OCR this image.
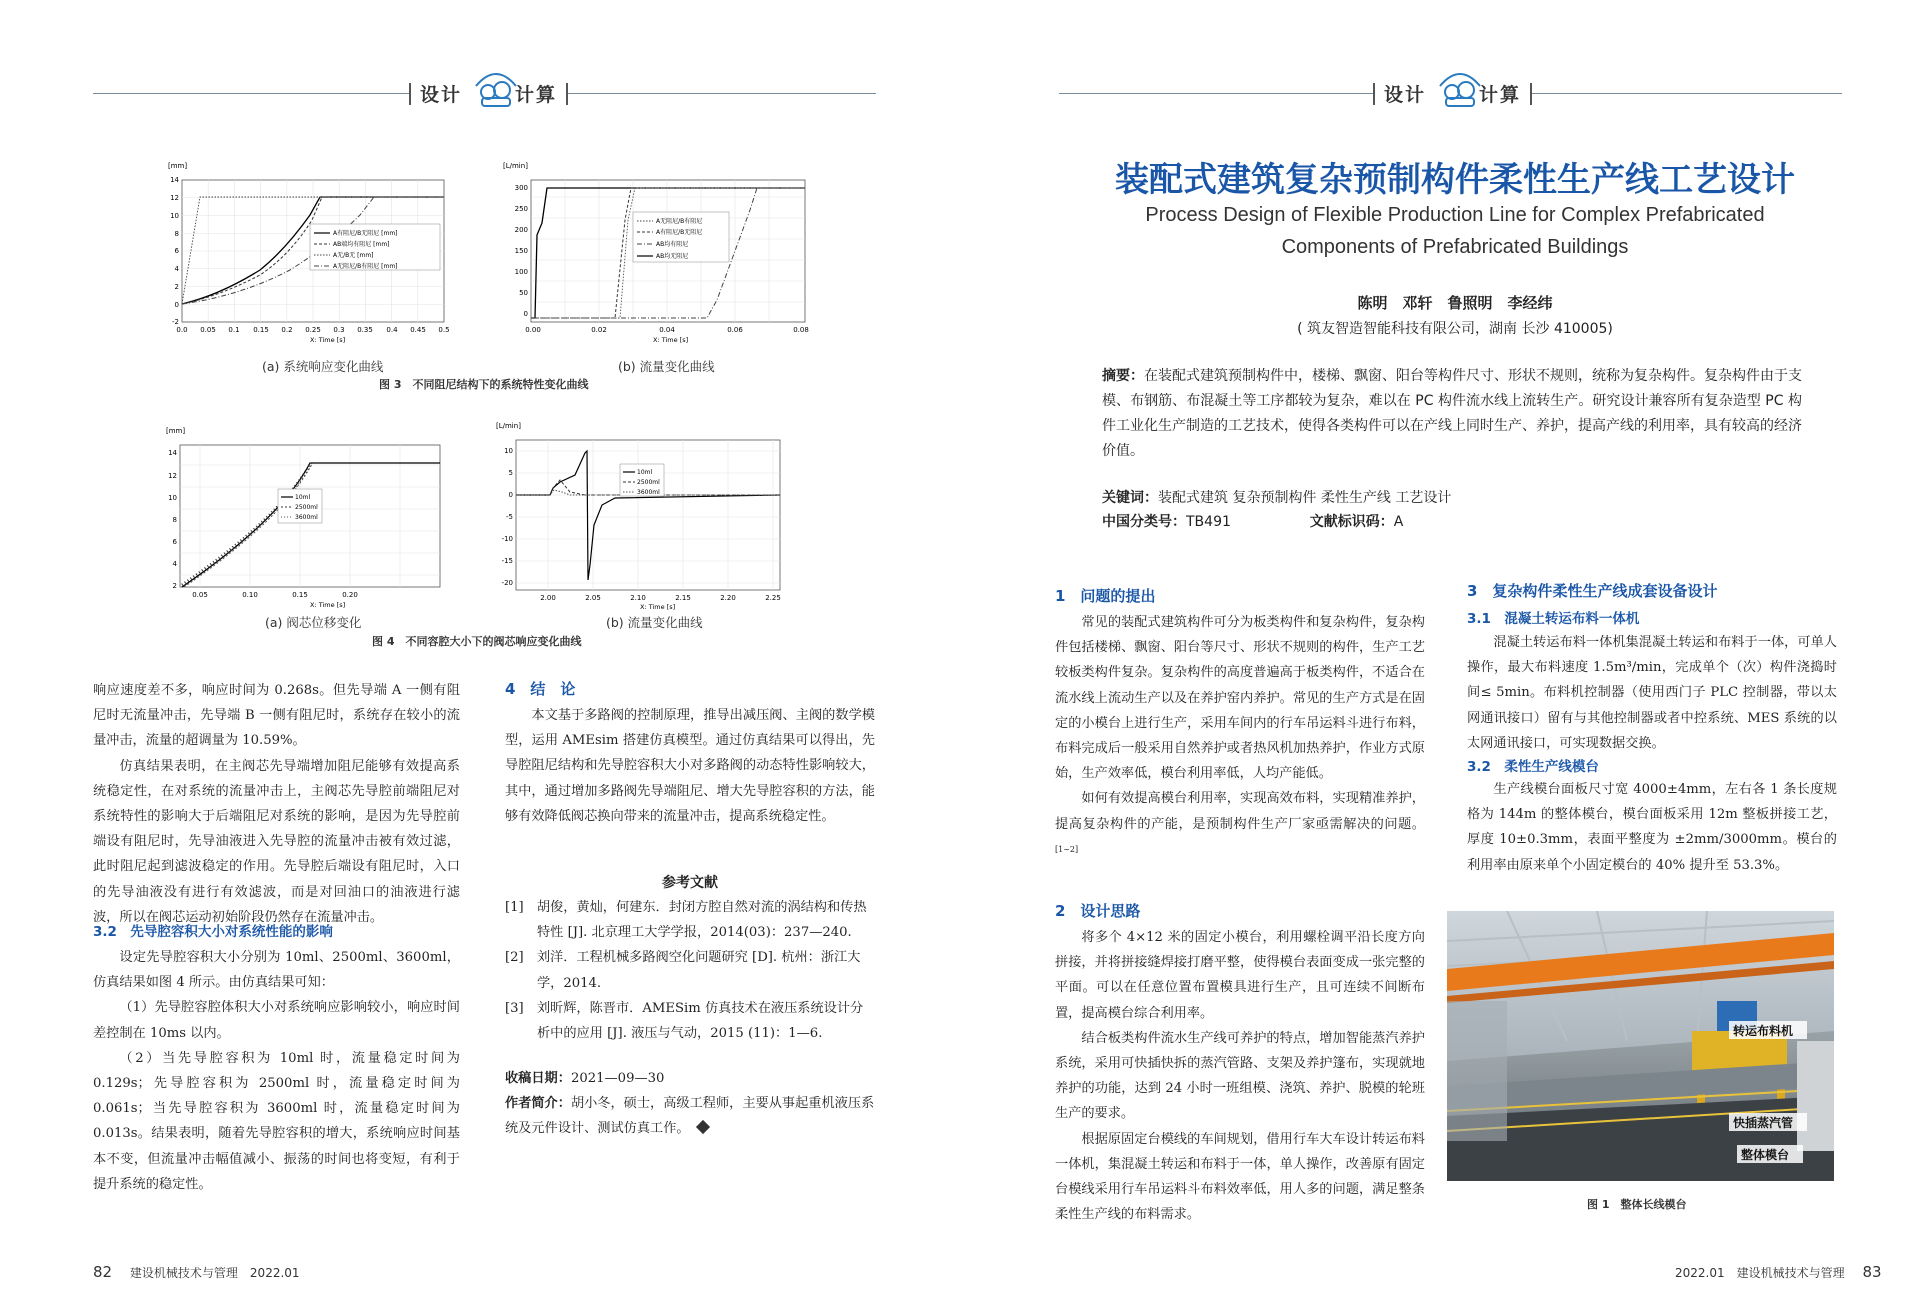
设计	计算	设计	计算
[mm]
14
12
10
8
6
4
2
0
-2
0.0 0.05 0.1 0.15 0.2 0.25 0.3 0.35 0.4 0.45 0.5
X: Time [s]
A有阻尼/B无阻尼 [mm]
AB端均有阻尼 [mm]
A无/B无 [mm]
A无阻尼/B有阻尼 [mm]
(a) 系统响应变化曲线
[L/min]
300
250
200
150
100
50
0
0.00	0.02	0.04	0.06	0.08
X: Time [s]
A无阻尼/B有阻尼
A有阻尼/B无阻尼
AB均有阻尼
AB均无阻尼
(b) 流量变化曲线
图 3　不同阻尼结构下的系统特性变化曲线
[mm]
14
12
10
8
6
4
2
0.05	0.10	0.15	0.20
X: Time [s]
10ml
2500ml
3600ml
(a) 阀芯位移变化
[L/min]
10
5
0
-5
-10
-15
-20
2.00	2.05	2.10	2.15	2.20	2.25
X: Time [s]
10ml
2500ml
3600ml
(b) 流量变化曲线
图 4　不同容腔大小下的阀芯响应变化曲线

响应速度差不多，响应时间为 0.268s。但先导端 A 一侧有阻尼时无流量冲击，先导端 B 一侧有阻尼时，系统存在较小的流量冲击，流量的超调量为 10.59%。

仿真结果表明，在主阀芯先导端增加阻尼能够有效提高系统稳定性，在对系统的流量冲击上，主阀芯先导腔前端阻尼对系统特性的影响大于后端阻尼对系统的影响，是因为先导腔前端设有阻尼时，先导油液进入先导腔的流量冲击被有效过滤，此时阻尼起到滤波稳定的作用。先导腔后端设有阻尼时，入口的先导油液没有进行有效滤波，而是对回油口的油液进行滤波，所以在阀芯运动初始阶段仍然存在流量冲击。

3.2　先导腔容积大小对系统性能的影响

设定先导腔容积大小分别为 10ml、2500ml、3600ml，仿真结果如图 4 所示。由仿真结果可知：

（1）先导腔容腔体积大小对系统响应影响较小，响应时间差控制在 10ms 以内。

（2）当先导腔容积为 10ml 时，流量稳定时间为 0.129s；先导腔容积为 2500ml 时，流量稳定时间为 0.061s；当先导腔容积为 3600ml 时，流量稳定时间为 0.013s。结果表明，随着先导腔容积的增大，系统响应时间基本不变，但流量冲击幅值减小、振荡的时间也将变短，有利于提升系统的稳定性。

4　结　论

本文基于多路阀的控制原理，推导出减压阀、主阀的数学模型，运用 AMEsim 搭建仿真模型。通过仿真结果可以得出，先导腔阻尼结构和先导腔容积大小对多路阀的动态特性影响较大，其中，通过增加多路阀先导端阻尼、增大先导腔容积的方法，能够有效降低阀芯换向带来的流量冲击，提高系统稳定性。

参考文献
[1]　胡俊，黄灿，何建东．封闭方腔自然对流的涡结构和传热特性 [J]. 北京理工大学学报，2014(03)：237—240.
[2]　刘洋．工程机械多路阀空化问题研究 [D]. 杭州：浙江大学，2014.
[3]　刘昕辉，陈晋市．AMESim 仿真技术在液压系统设计分析中的应用 [J]. 液压与气动，2015 (11)：1—6.
收稿日期：2021—09—30
作者简介：胡小冬，硕士，高级工程师，主要从事起重机液压系统及元件设计、测试仿真工作。
装配式建筑复杂预制构件柔性生产线工艺设计
Process Design of Flexible Production Line for Complex Prefabricated
Components of Prefabricated Buildings
陈明　邓轩　鲁照明　李经纬
( 筑友智造智能科技有限公司，湖南 长沙 410005)
摘要：在装配式建筑预制构件中，楼梯、飘窗、阳台等构件尺寸、形状不规则，统称为复杂构件。复杂构件由于支模、布钢筋、布混凝土等工序都较为复杂，难以在 PC 构件流水线上流转生产。研究设计兼容所有复杂造型 PC 构件工业化生产制造的工艺技术，使得各类构件可以在产线上同时生产、养护，提高产线的利用率，具有较高的经济价值。
关键词：装配式建筑 复杂预制构件 柔性生产线 工艺设计
中国分类号：TB491	文献标识码：A
1　问题的提出

常见的装配式建筑构件可分为板类构件和复杂构件，复杂构件包括楼梯、飘窗、阳台等尺寸、形状不规则的构件，生产工艺较板类构件复杂。复杂构件的高度普遍高于板类构件，不适合在流水线上流动生产以及在养护窑内养护。常见的生产方式是在固定的小模台上进行生产，采用车间内的行车吊运料斗进行布料，布料完成后一般采用自然养护或者热风机加热养护，作业方式原始，生产效率低，模台利用率低，人均产能低。

如何有效提高模台利用率，实现高效布料，实现精准养护，提高复杂构件的产能，是预制构件生产厂家亟需解决的问题。[1~2]

2　设计思路

将多个 4×12 米的固定小模台，利用螺栓调平沿长度方向拼接，并将拼接缝焊接打磨平整，使得模台表面变成一张完整的平面。可以在任意位置布置模具进行生产，且可连续不间断布置，提高模台综合利用率。

结合板类构件流水生产线可养护的特点，增加智能蒸汽养护系统，采用可快插快拆的蒸汽管路、支架及养护篷布，实现就地养护的功能，达到 24 小时一班组模、浇筑、养护、脱模的轮班生产的要求。

根据原固定台模线的车间规划，借用行车大车设计转运布料一体机，集混凝土转运和布料于一体，单人操作，改善原有固定台模线采用行车吊运料斗布料效率低，用人多的问题，满足整条柔性生产线的布料需求。

3　复杂构件柔性生产线成套设备设计
3.1　混凝土转运布料一体机

混凝土转运布料一体机集混凝土转运和布料于一体，可单人操作，最大布料速度 1.5m³/min，完成单个（次）构件浇捣时间≤ 5min。布料机控制器（使用西门子 PLC 控制器，带以太网通讯接口）留有与其他控制器或者中控系统、MES 系统的以太网通讯接口，可实现数据交换。

3.2　柔性生产线模台

生产线模台面板尺寸宽 4000±4mm，左右各 1 条长度规格为 144m 的整体模台，模台面板采用 12m 整板拼接工艺，厚度 10±0.3mm，表面平整度为 ±2mm/3000mm。模台的利用率由原来单个小固定模台的 40% 提升至 53.3%。

转运布料机
快插蒸汽管
整体模台
图 1　整体长线模台
82 建设机械技术与管理　2022.01	2022.01　建设机械技术与管理 83
